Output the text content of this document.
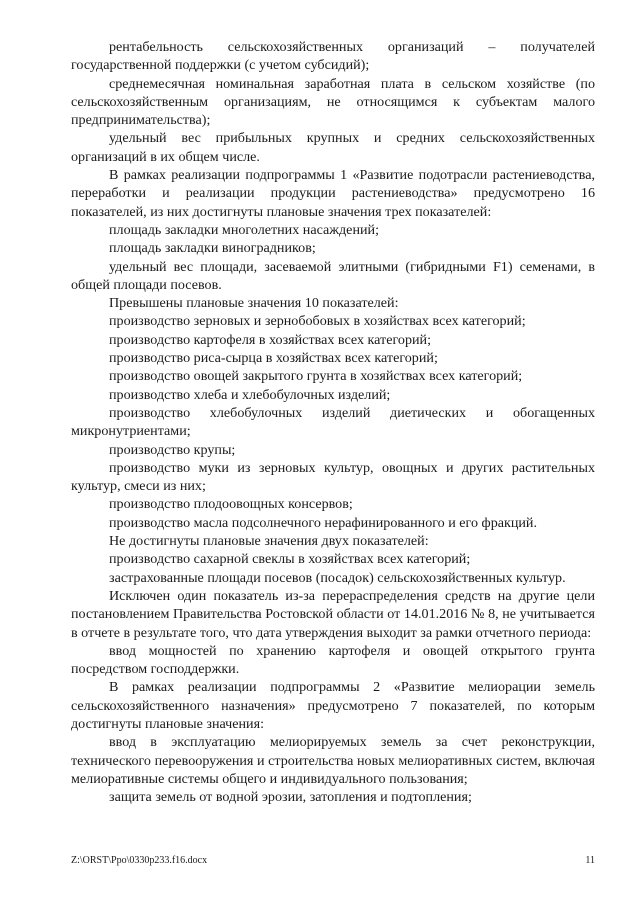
рентабельность сельскохозяйственных организаций – получателей государственной поддержки (с учетом субсидий);

среднемесячная номинальная заработная плата в сельском хозяйстве (по сельскохозяйственным организациям, не относящимся к субъектам малого предпринимательства);

удельный вес прибыльных крупных и средних сельскохозяйственных организаций в их общем числе.

В рамках реализации подпрограммы 1 «Развитие подотрасли растениеводства, переработки и реализации продукции растениеводства» предусмотрено 16 показателей, из них достигнуты плановые значения трех показателей:

площадь закладки многолетних насаждений;

площадь закладки виноградников;

удельный вес площади, засеваемой элитными (гибридными F1) семенами, в общей площади посевов.

Превышены плановые значения 10 показателей:

производство зерновых и зернобобовых в хозяйствах всех категорий;

производство картофеля в хозяйствах всех категорий;

производство риса-сырца в хозяйствах всех категорий;

производство овощей закрытого грунта в хозяйствах всех категорий;

производство хлеба и хлебобулочных изделий;

производство хлебобулочных изделий диетических и обогащенных микронутриентами;

производство крупы;

производство муки из зерновых культур, овощных и других растительных культур, смеси из них;

производство плодоовощных консервов;

производство масла подсолнечного нерафинированного и его фракций.

Не достигнуты плановые значения двух показателей:

производство сахарной свеклы в хозяйствах всех категорий;

застрахованные площади посевов (посадок) сельскохозяйственных культур.

Исключен один показатель из-за перераспределения средств на другие цели постановлением Правительства Ростовской области от 14.01.2016 № 8, не учитывается в отчете в результате того, что дата утверждения выходит за рамки отчетного периода:

ввод мощностей по хранению картофеля и овощей открытого грунта посредством господдержки.

В рамках реализации подпрограммы 2 «Развитие мелиорации земель сельскохозяйственного назначения» предусмотрено 7 показателей, по которым достигнуты плановые значения:

ввод в эксплуатацию мелиорируемых земель за счет реконструкции, технического перевооружения и строительства новых мелиоративных систем, включая мелиоративные системы общего и индивидуального пользования;

защита земель от водной эрозии, затопления и подтопления;

Z:\ORST\Ppo\0330p233.f16.docx	11
